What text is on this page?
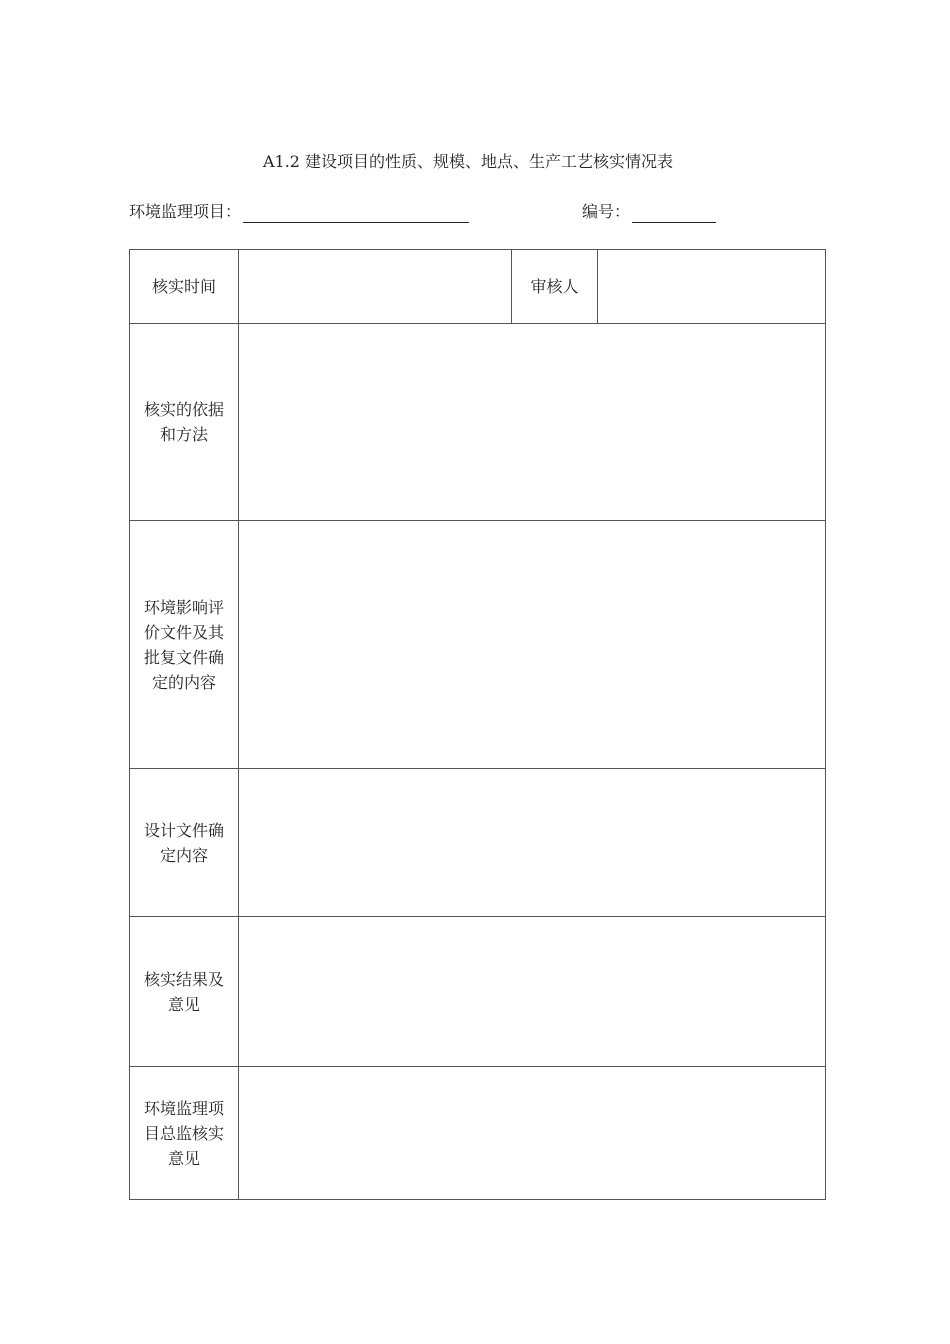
A1.2 建设项目的性质、规模、地点、生产工艺核实情况表
环境监理项目：	编号：
核实时间		审核人	
核实的依据和方法			
环境影响评价文件及其批复文件确定的内容			
设计文件确定内容			
核实结果及意见			
环境监理项目总监核实意见			
